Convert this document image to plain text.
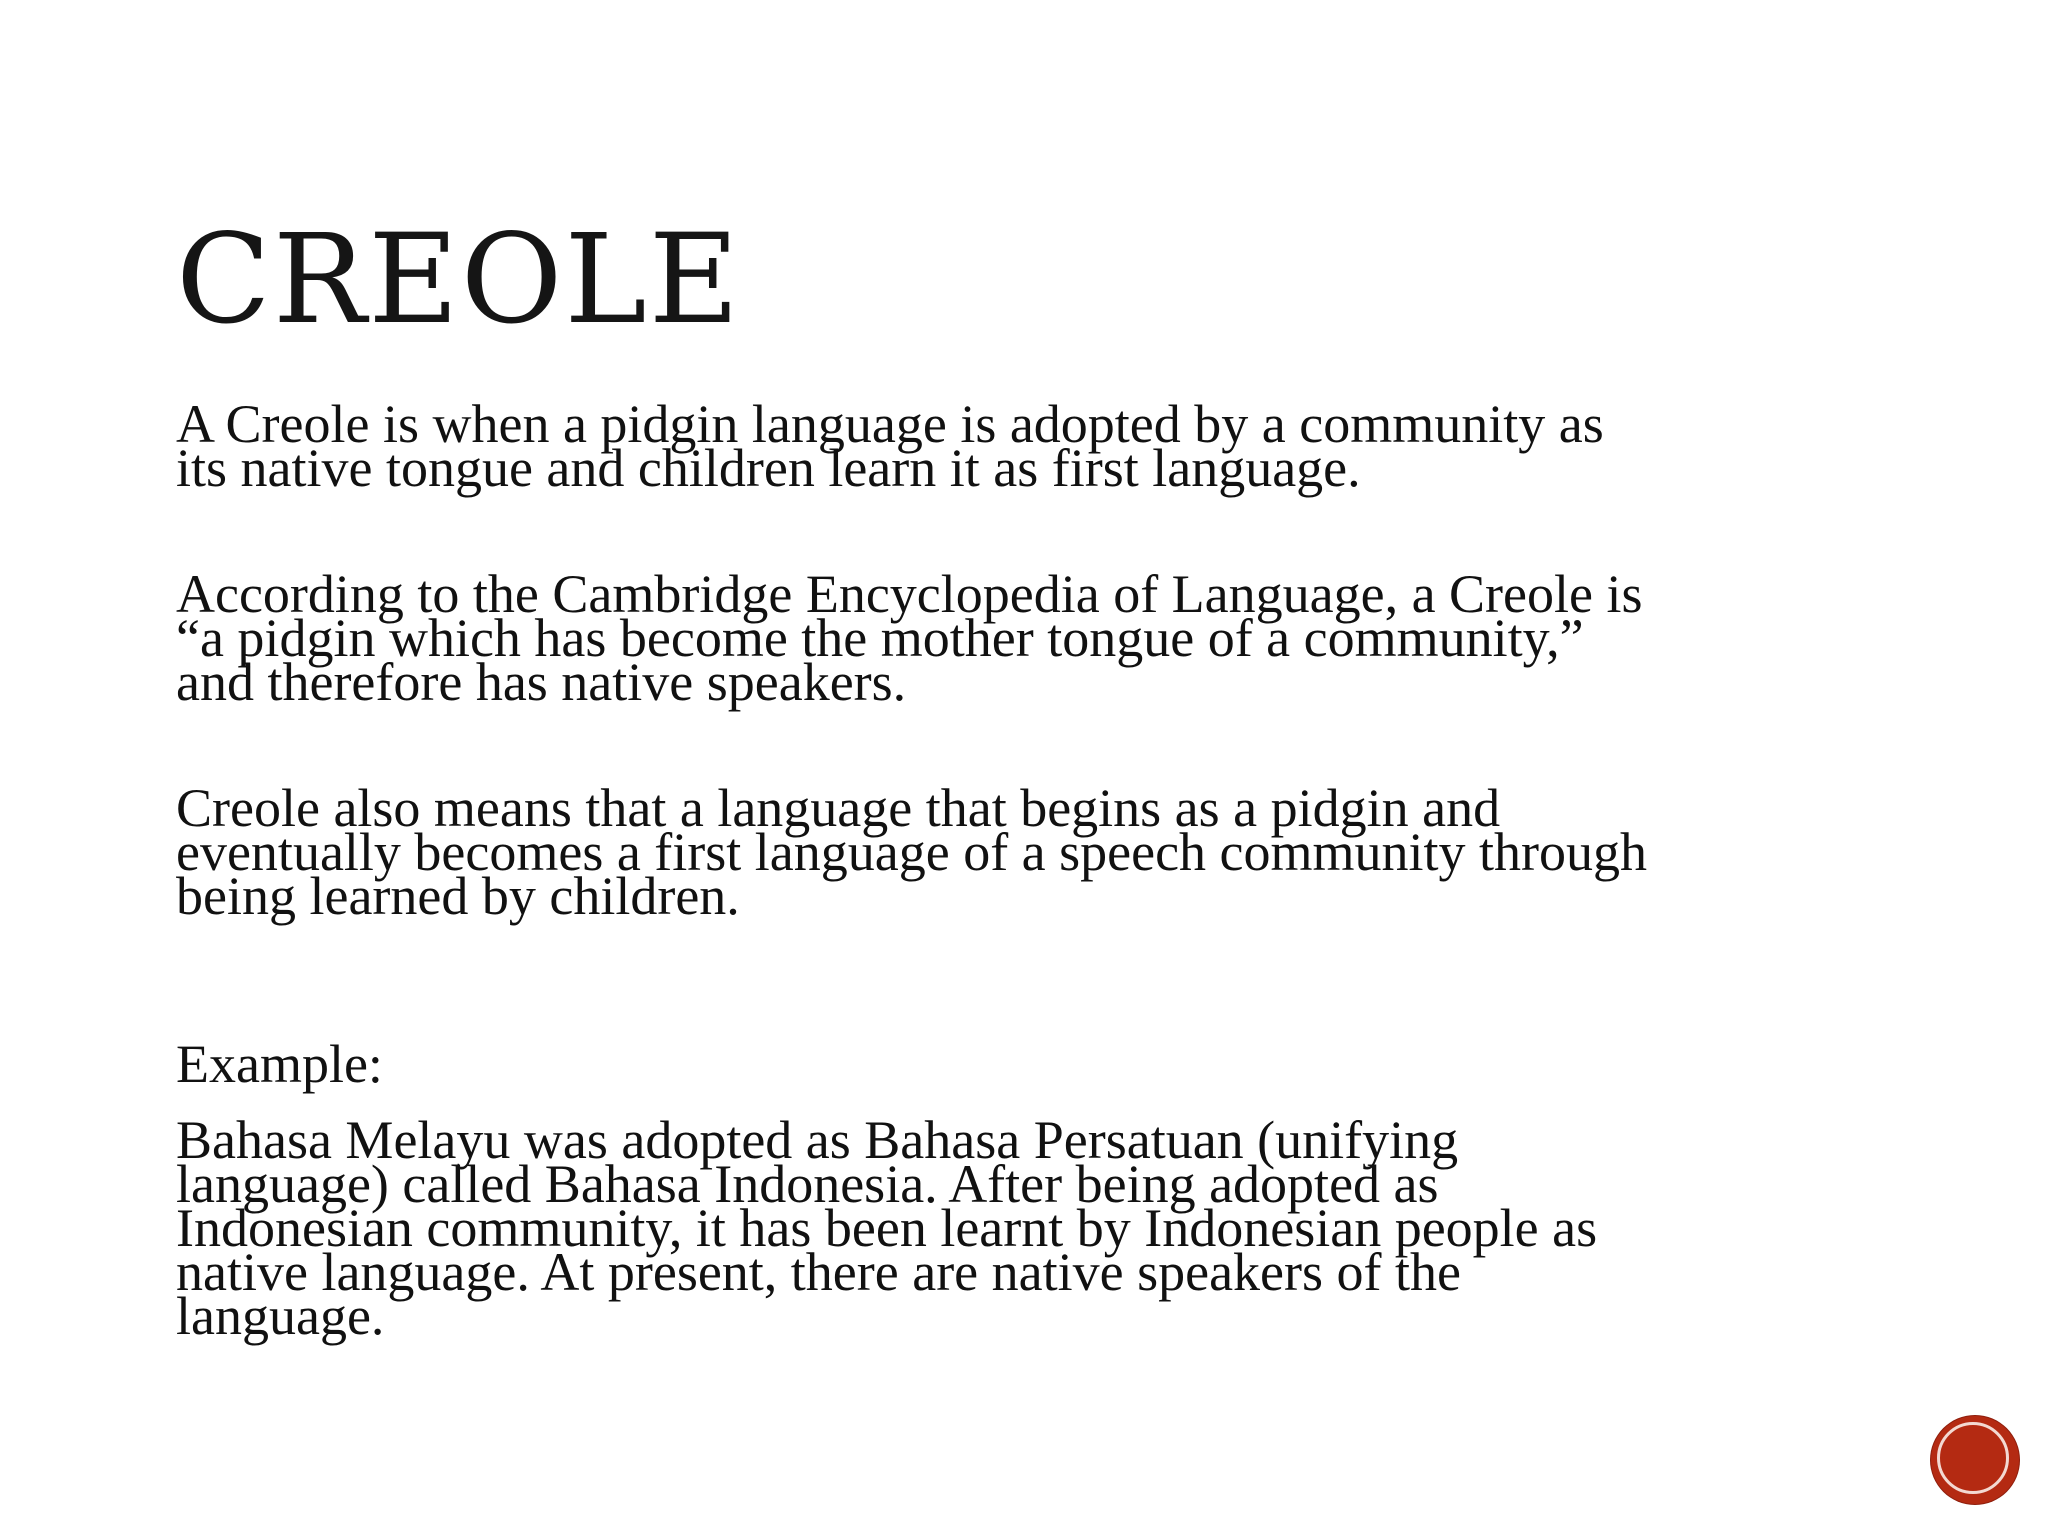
CREOLE

A Creole is when a pidgin language is adopted by a community as
its native tongue and children learn it as first language.

According to the Cambridge Encyclopedia of Language, a Creole is
“a pidgin which has become the mother tongue of a community,”
and therefore has native speakers.

Creole also means that a language that begins as a pidgin and
eventually becomes a first language of a speech community through
being learned by children.

Example:

Bahasa Melayu was adopted as Bahasa Persatuan (unifying
language) called Bahasa Indonesia. After being adopted as
Indonesian community, it has been learnt by Indonesian people as
native language. At present, there are native speakers of the
language.
